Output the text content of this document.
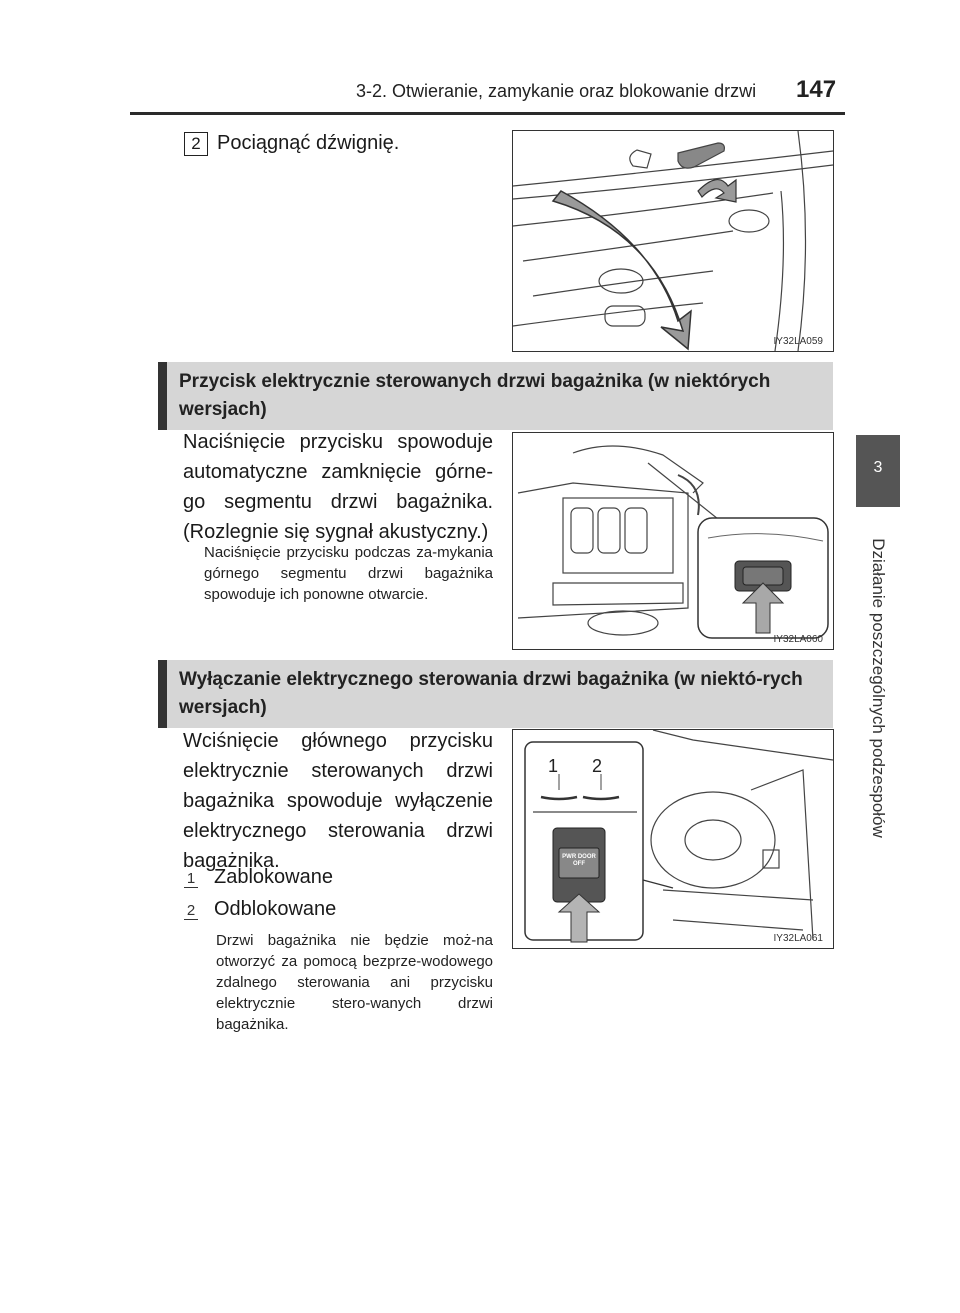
3-2. Otwieranie, zamykanie oraz blokowanie drzwi 147
3
Działanie poszczególnych podzespołów
2 Pociągnąć dźwignię.
IY32LA059
Przycisk elektrycznie sterowanych drzwi bagażnika (w niektórych wersjach)
Naciśnięcie przycisku spowoduje automatyczne zamknięcie górne-go segmentu drzwi bagażnika. (Rozlegnie się sygnał akustyczny.)
Naciśnięcie przycisku podczas za-mykania górnego segmentu drzwi bagażnika spowoduje ich ponowne otwarcie.
IY32LA060
Wyłączanie elektrycznego sterowania drzwi bagażnika (w niektó-rych wersjach)
Wciśnięcie głównego przycisku elektrycznie sterowanych drzwi bagażnika spowoduje wyłączenie elektrycznego sterowania drzwi bagażnika.
1 Zablokowane
2 Odblokowane
Drzwi bagażnika nie będzie moż-na otworzyć za pomocą bezprze-wodowego zdalnego sterowania ani przycisku elektrycznie stero-wanych drzwi bagażnika.
1 2
PWR DOOR OFF
IY32LA061
